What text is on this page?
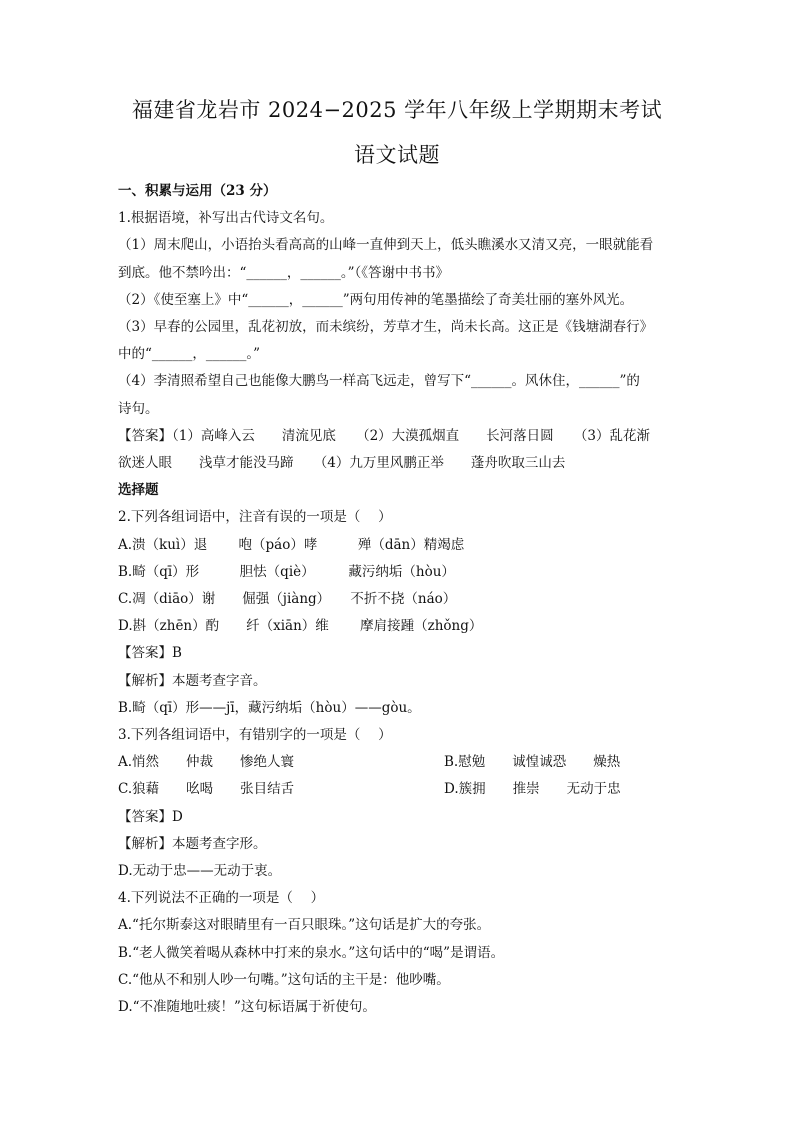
福建省龙岩市 2024−2025 学年八年级上学期期末考试
语文试题

一、积累与运用（23 分）

1.根据语境，补写出古代诗文名句。

（1）周末爬山，小语抬头看高高的山峰一直伸到天上，低头瞧溪水又清又亮，一眼就能看

到底。他不禁吟出：“______，______。”（《答谢中书书》

（2）《使至塞上》中“______，______”两句用传神的笔墨描绘了奇美壮丽的塞外风光。

（3）早春的公园里，乱花初放，而未缤纷，芳草才生，尚未长高。这正是《钱塘湖春行》

中的“______，______。”

（4）李清照希望自己也能像大鹏鸟一样高飞远走，曾写下“______。风休住，______”的

诗句。

【答案】（1）高峰入云　　清流见底　　（2）大漠孤烟直　　长河落日圆　　（3）乱花渐

欲迷人眼　　浅草才能没马蹄　　（4）九万里风鹏正举　　蓬舟吹取三山去

选择题

2.下列各组词语中，注音有误的一项是（　 ）

A.溃（kuì）退　　 咆（páo）哮　　　殚（dān）精竭虑

B.畸（qī）形　　　胆怯（qiè）　　　藏污纳垢（hòu）

C.凋（diāo）谢　　倔强（jiàng）　　不折不挠（náo）

D.斟（zhēn）酌　　纤（xiān）维　　 摩肩接踵（zhǒng）

【答案】B

【解析】本题考查字音。

B.畸（qī）形——jī，藏污纳垢（hòu）——gòu。

3.下列各组词语中，有错别字的一项是（　 ）

A.悄然　　仲裁　　惨绝人寰	B.慰勉　　诚惶诚恐　　燥热
C.狼藉　　吆喝　　张目结舌	D.簇拥　　推崇　　无动于忠

【答案】D

【解析】本题考查字形。

D.无动于忠——无动于衷。

4.下列说法不正确的一项是（　 ）

A.“托尔斯泰这对眼睛里有一百只眼珠。”这句话是扩大的夸张。

B.“老人微笑着喝从森林中打来的泉水。”这句话中的“喝”是谓语。

C.“他从不和别人吵一句嘴。”这句话的主干是：他吵嘴。

D.“不准随地吐痰！”这句标语属于祈使句。
